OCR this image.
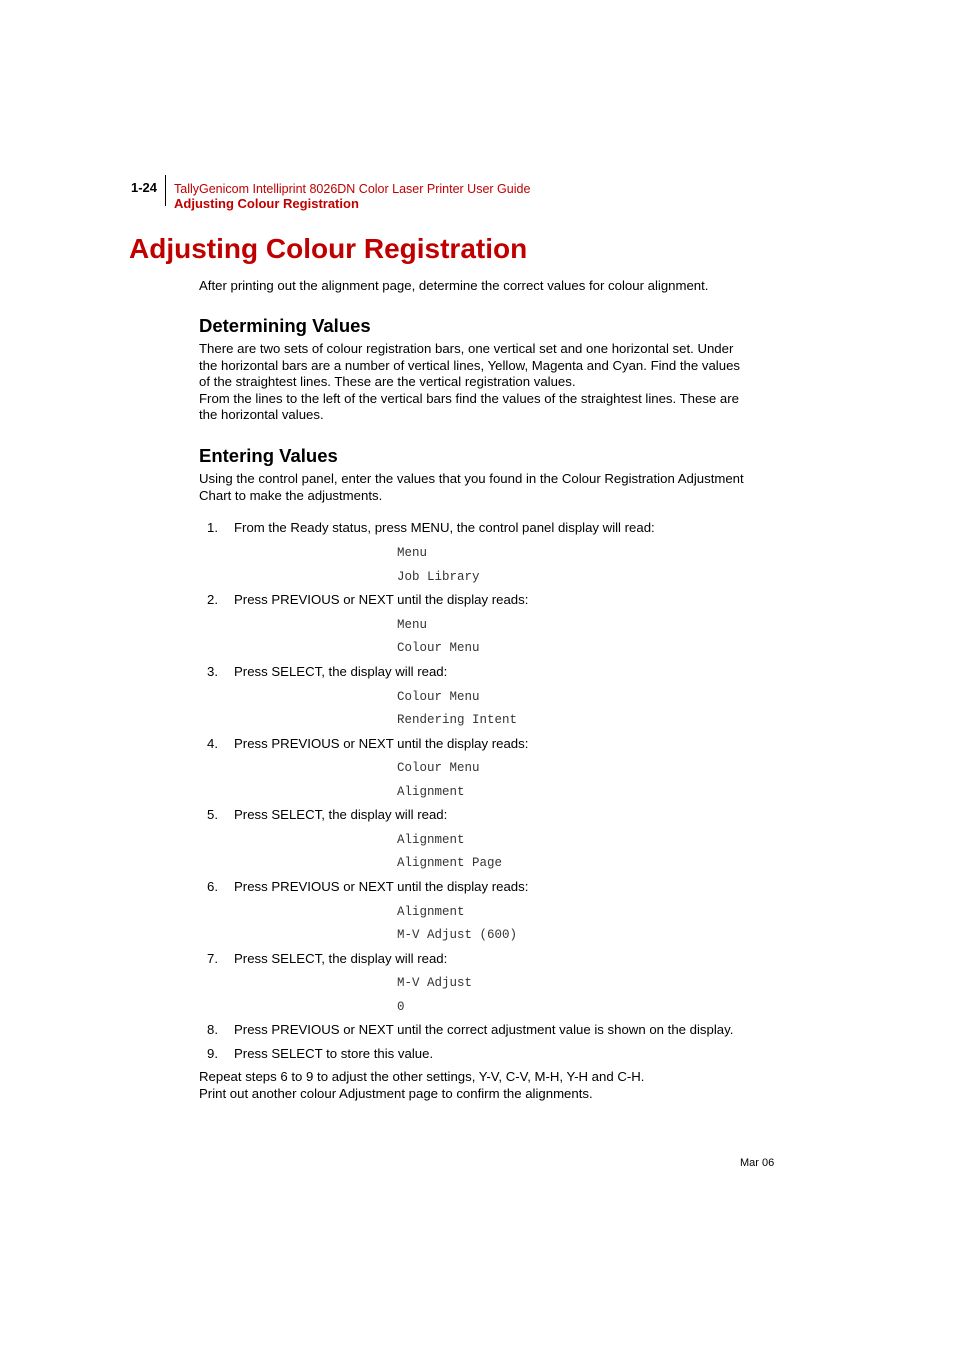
1-24 TallyGenicom Intelliprint 8026DN Color Laser Printer User Guide
Adjusting Colour Registration
Adjusting Colour Registration
After printing out the alignment page, determine the correct values for colour alignment.
Determining Values
There are two sets of colour registration bars, one vertical set and one horizontal set. Under
the horizontal bars are a number of vertical lines, Yellow, Magenta and Cyan. Find the values
of the straightest lines. These are the vertical registration values.
From the lines to the left of the vertical bars find the values of the straightest lines. These are
the horizontal values.
Entering Values
Using the control panel, enter the values that you found in the Colour Registration Adjustment
Chart to make the adjustments.
1. From the Ready status, press MENU, the control panel display will read:
Menu
Job Library
2. Press PREVIOUS or NEXT until the display reads:
Menu
Colour Menu
3. Press SELECT, the display will read:
Colour Menu
Rendering Intent
4. Press PREVIOUS or NEXT until the display reads:
Colour Menu
Alignment
5. Press SELECT, the display will read:
Alignment
Alignment Page
6. Press PREVIOUS or NEXT until the display reads:
Alignment
M-V Adjust (600)
7. Press SELECT, the display will read:
M-V Adjust
0
8. Press PREVIOUS or NEXT until the correct adjustment value is shown on the display.
9. Press SELECT to store this value.
Repeat steps 6 to 9 to adjust the other settings, Y-V, C-V, M-H, Y-H and C-H.
Print out another colour Adjustment page to confirm the alignments.
Mar 06
